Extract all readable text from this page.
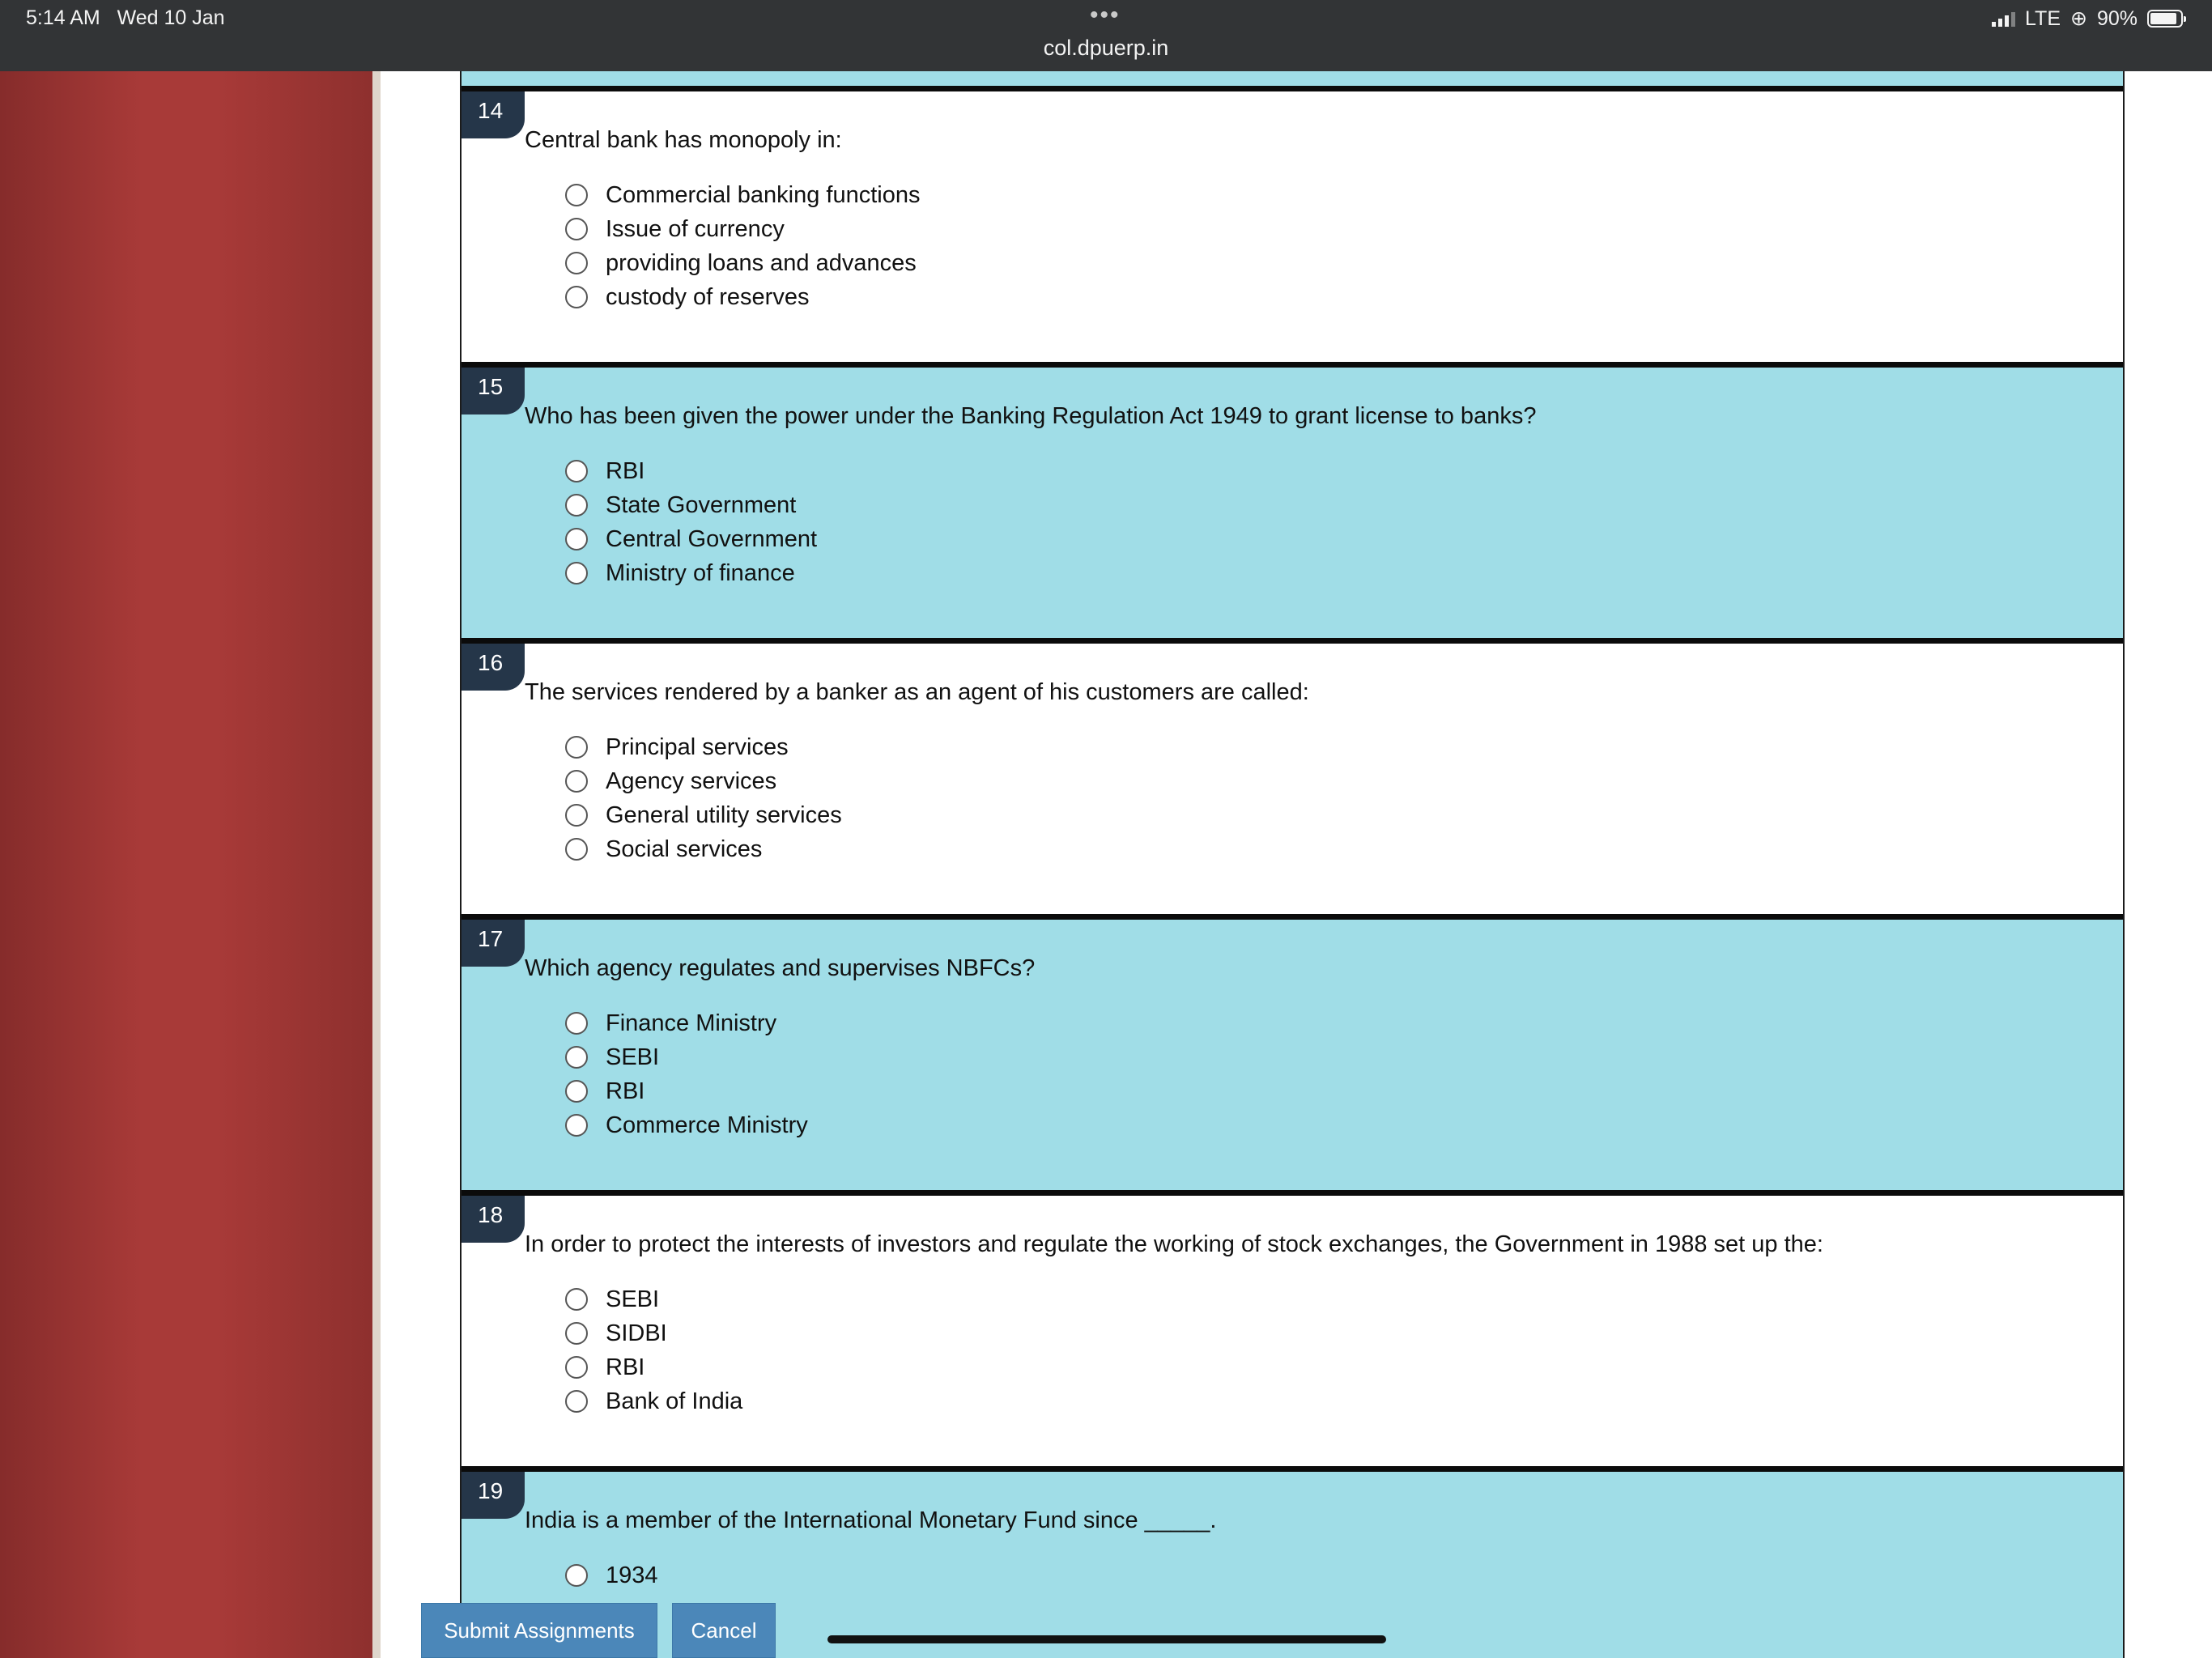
5:14 AM Wed 10 Jan	•••
col.dpuerp.in
LTE ⊕ 90%
14
Central bank has monopoly in:
Commercial banking functions
Issue of currency
providing loans and advances
custody of reserves
15
Who has been given the power under the Banking Regulation Act 1949 to grant license to banks?
RBI
State Government
Central Government
Ministry of finance
16
The services rendered by a banker as an agent of his customers are called:
Principal services
Agency services
General utility services
Social services
17
Which agency regulates and supervises NBFCs?
Finance Ministry
SEBI
RBI
Commerce Ministry
18
In order to protect the interests of investors and regulate the working of stock exchanges, the Government in 1988 set up the:
SEBI
SIDBI
RBI
Bank of India
19
India is a member of the International Monetary Fund since _____.
1934
Submit Assignments	Cancel
